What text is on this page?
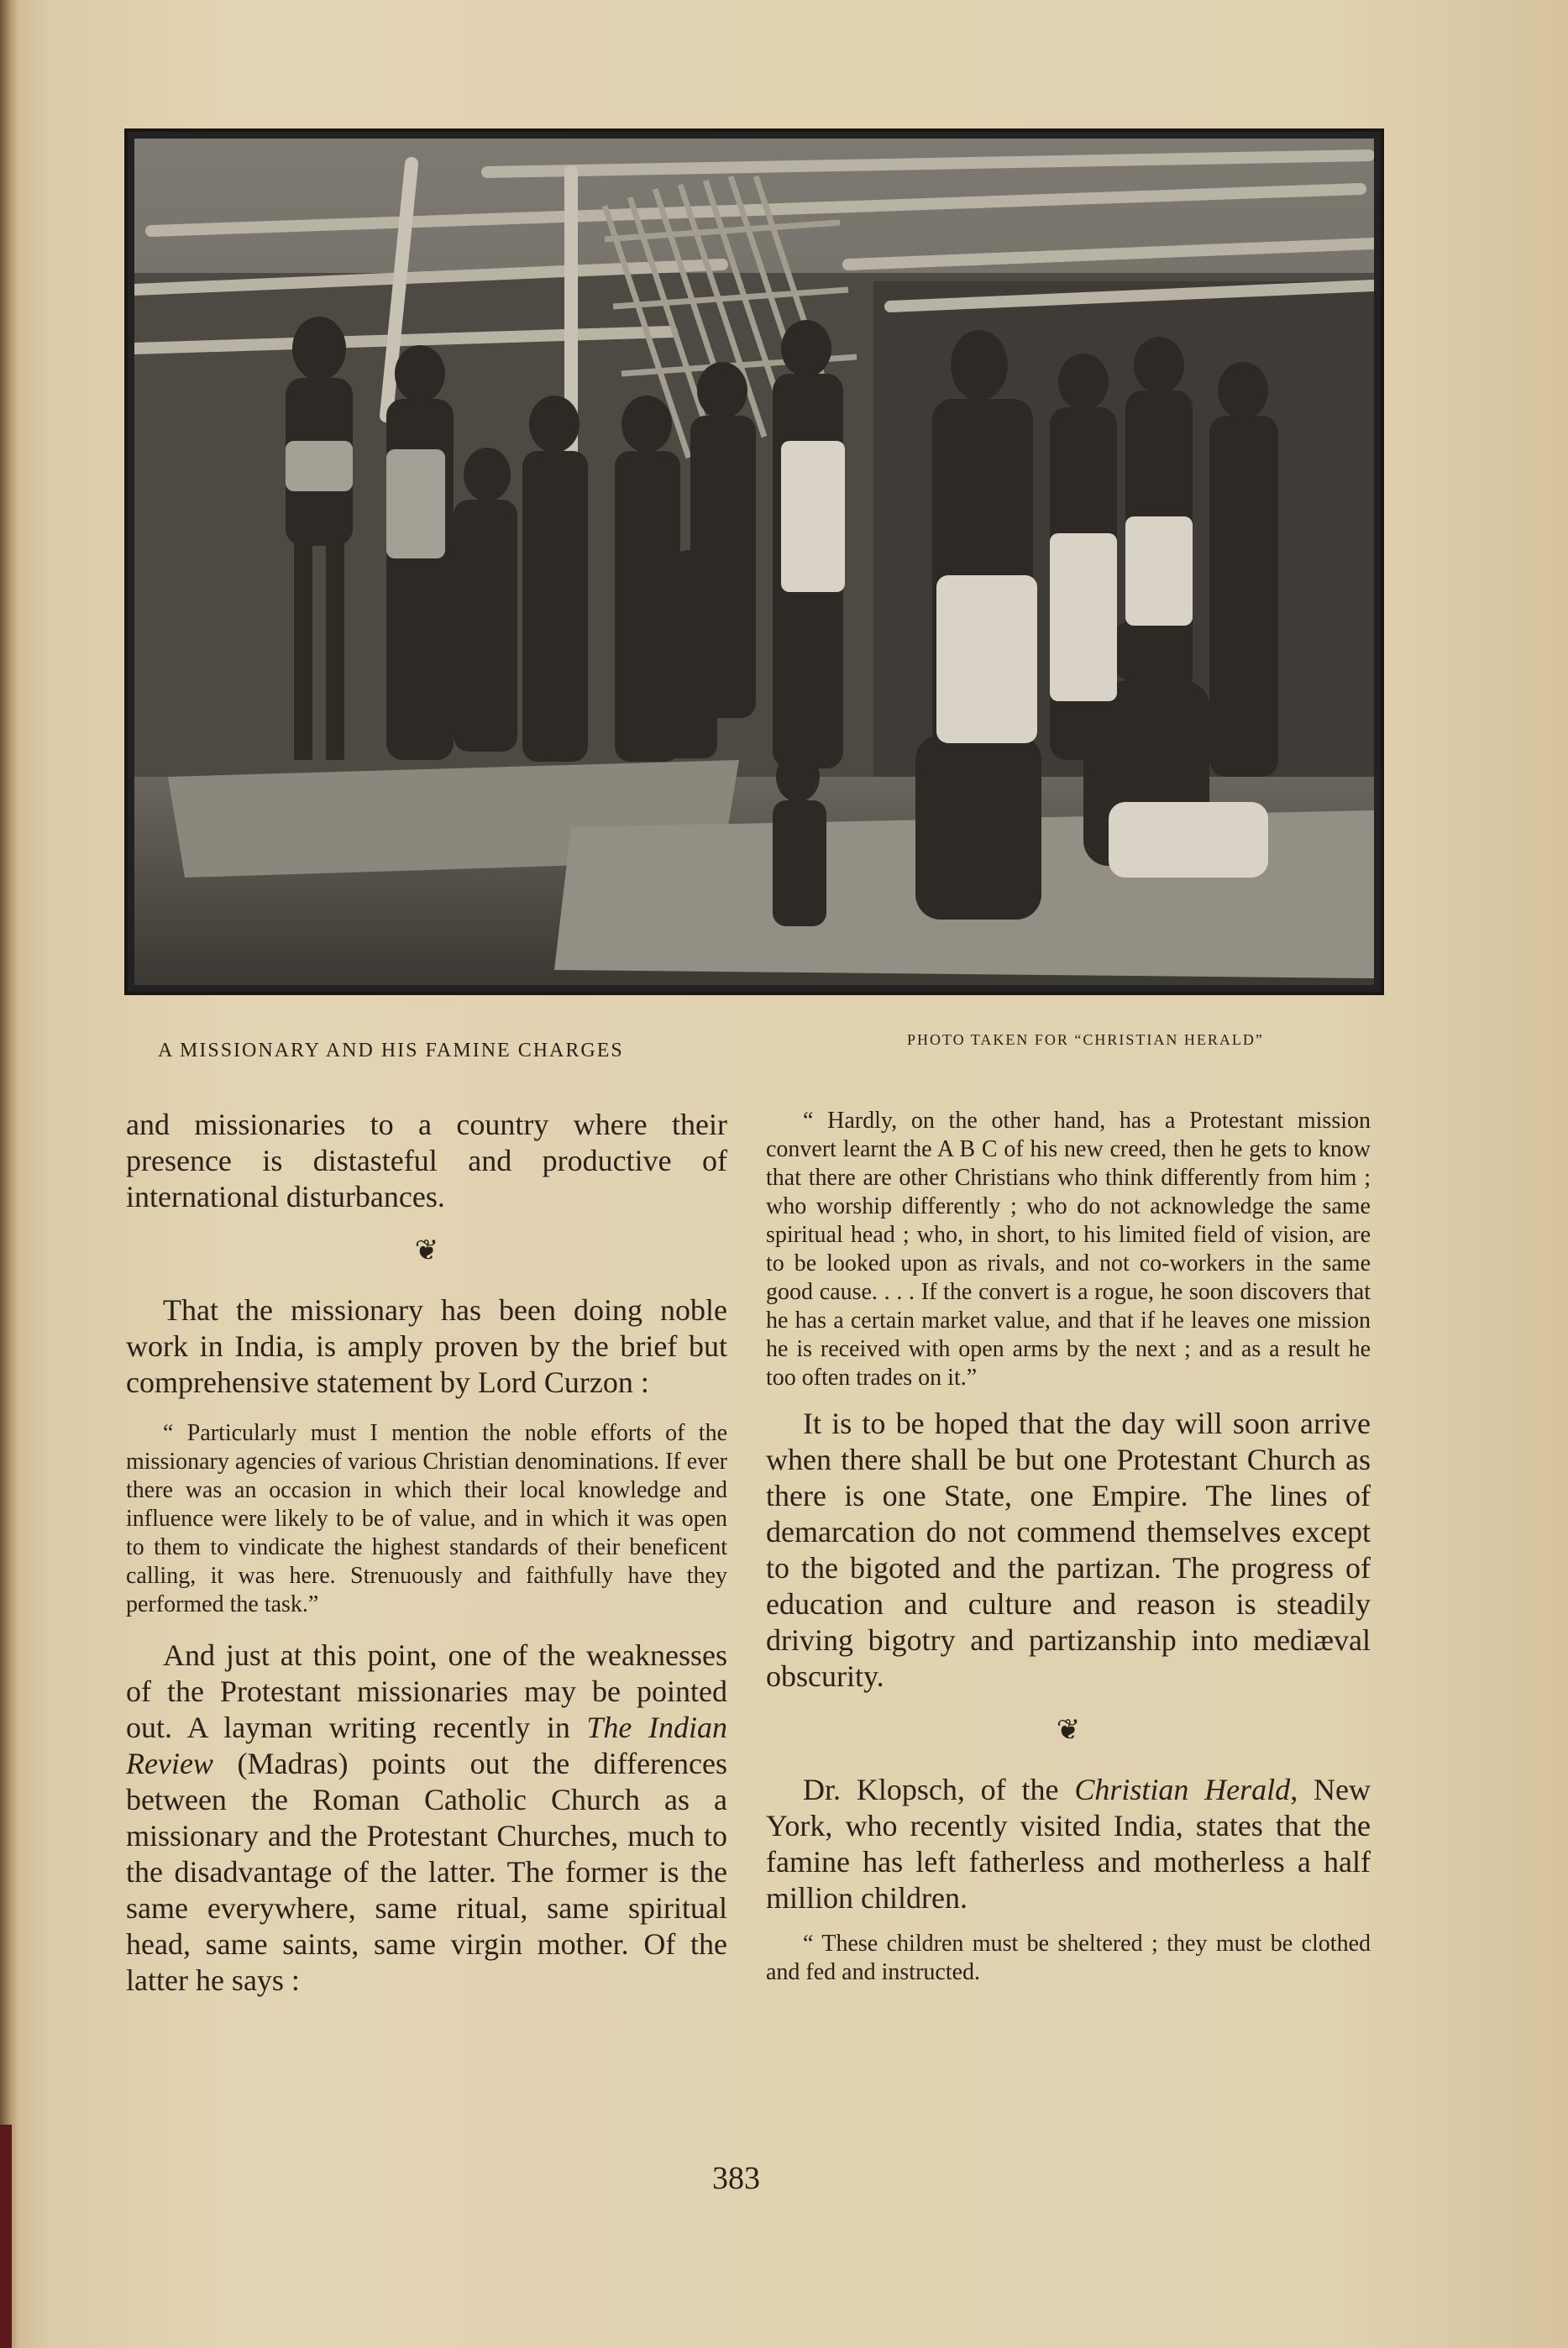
A MISSIONARY AND HIS FAMINE CHARGES	PHOTO TAKEN FOR “CHRISTIAN HERALD”

and missionaries to a country where their presence is distasteful and productive of international disturbances.

❦

That the missionary has been doing noble work in India, is amply proven by the brief but comprehensive statement by Lord Curzon :

“ Particularly must I mention the noble efforts of the missionary agencies of various Christian denominations. If ever there was an occasion in which their local knowledge and influence were likely to be of value, and in which it was open to them to vindicate the highest standards of their beneficent calling, it was here. Strenuously and faithfully have they performed the task.”

And just at this point, one of the weaknesses of the Protestant missionaries may be pointed out. A layman writing recently in The Indian Review (Madras) points out the differences between the Roman Catholic Church as a missionary and the Protestant Churches, much to the disadvantage of the latter. The former is the same everywhere, same ritual, same spiritual head, same saints, same virgin mother. Of the latter he says :

“ Hardly, on the other hand, has a Protestant mission convert learnt the A B C of his new creed, then he gets to know that there are other Christians who think differently from him ; who worship differently ; who do not acknowledge the same spiritual head ; who, in short, to his limited field of vision, are to be looked upon as rivals, and not co-workers in the same good cause. . . . If the convert is a rogue, he soon discovers that he has a certain market value, and that if he leaves one mission he is received with open arms by the next ; and as a result he too often trades on it.”

It is to be hoped that the day will soon arrive when there shall be but one Protestant Church as there is one State, one Empire. The lines of demarcation do not commend themselves except to the bigoted and the partizan. The progress of education and culture and reason is steadily driving bigotry and partizanship into mediæval obscurity.

❦

Dr. Klopsch, of the Christian Herald, New York, who recently visited India, states that the famine has left fatherless and motherless a half million children.

“ These children must be sheltered ; they must be clothed and fed and instructed.

383
